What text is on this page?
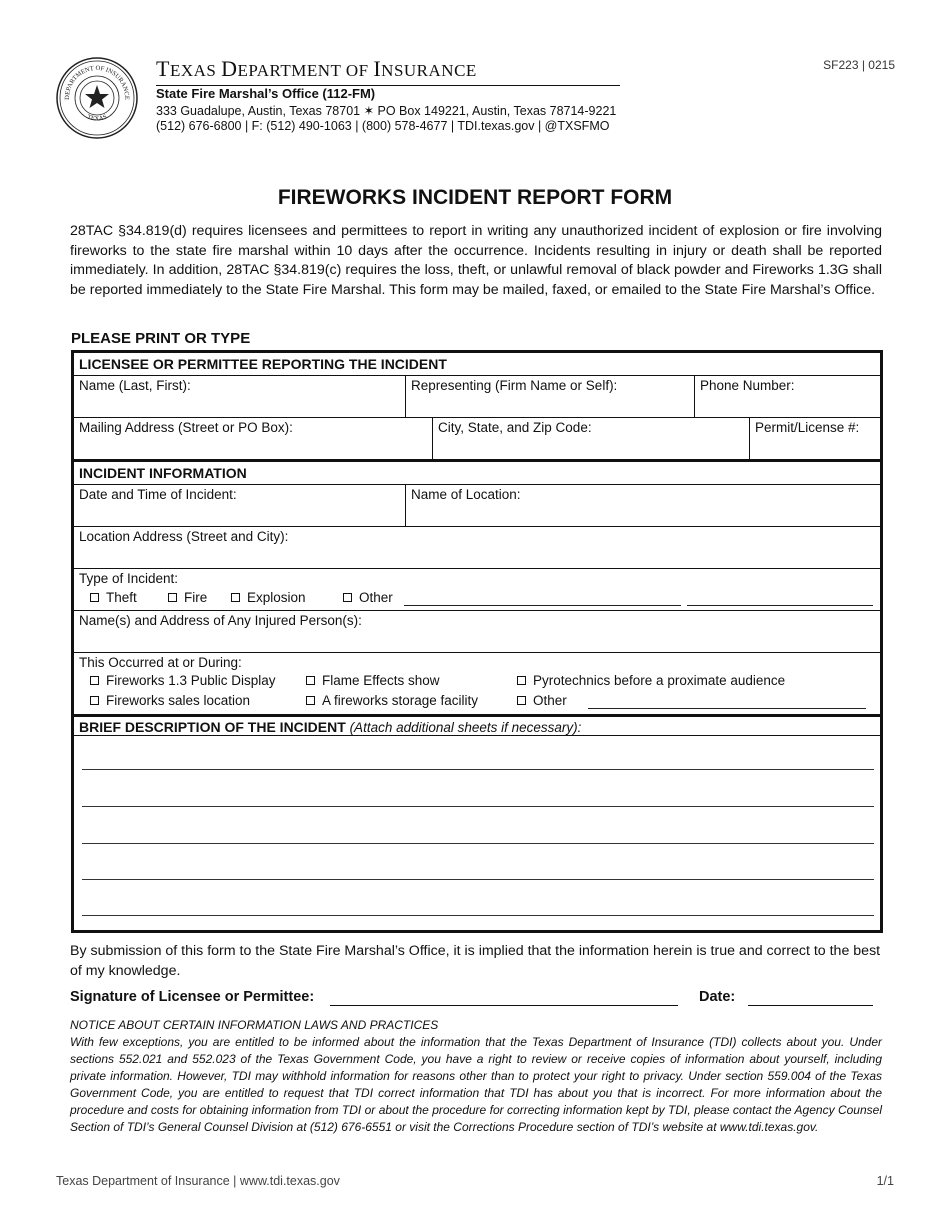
DEPARTMENT OF INSURANCE
TEXAS
TEXAS DEPARTMENT OF INSURANCE
State Fire Marshal’s Office (112-FM)
333 Guadalupe, Austin, Texas 78701 ✶ PO Box 149221, Austin, Texas 78714-9221
(512) 676-6800 | F: (512) 490-1063 | (800) 578-4677 | TDI.texas.gov | @TXSFMO
SF223 | 0215
FIREWORKS INCIDENT REPORT FORM
28TAC §34.819(d) requires licensees and permittees to report in writing any unauthorized incident of explosion or fire involving fireworks to the state fire marshal within 10 days after the occurrence. Incidents resulting in injury or death shall be reported immediately. In addition, 28TAC §34.819(c) requires the loss, theft, or unlawful removal of black powder and Fireworks 1.3G shall be reported immediately to the State Fire Marshal. This form may be mailed, faxed, or emailed to the State Fire Marshal’s Office.
PLEASE PRINT OR TYPE
LICENSEE OR PERMITTEE REPORTING THE INCIDENT
Name (Last, First):	Representing (Firm Name or Self):	Phone Number:
Mailing Address (Street or PO Box):	City, State, and Zip Code:	Permit/License #:
INCIDENT INFORMATION
Date and Time of Incident:	Name of Location:
Location Address (Street and City):
Type of Incident:
Theft	Fire	Explosion	Other
Name(s) and Address of Any Injured Person(s):
This Occurred at or During:
Fireworks 1.3 Public Display	Flame Effects show	Pyrotechnics before a proximate audience
Fireworks sales location	A fireworks storage facility	Other
BRIEF DESCRIPTION OF THE INCIDENT (Attach additional sheets if necessary):
By submission of this form to the State Fire Marshal’s Office, it is implied that the information herein is true and correct to the best of my knowledge.
Signature of Licensee or Permittee:	Date:
NOTICE ABOUT CERTAIN INFORMATION LAWS AND PRACTICES
With few exceptions, you are entitled to be informed about the information that the Texas Department of Insurance (TDI) collects about you. Under sections 552.021 and 552.023 of the Texas Government Code, you have a right to review or receive copies of information about yourself, including private information. However, TDI may withhold information for reasons other than to protect your right to privacy. Under section 559.004 of the Texas Government Code, you are entitled to request that TDI correct information that TDI has about you that is incorrect. For more information about the procedure and costs for obtaining information from TDI or about the procedure for correcting information kept by TDI, please contact the Agency Counsel Section of TDI’s General Counsel Division at (512) 676-6551 or visit the Corrections Procedure section of TDI’s website at www.tdi.texas.gov.
Texas Department of Insurance | www.tdi.texas.gov	1/1
